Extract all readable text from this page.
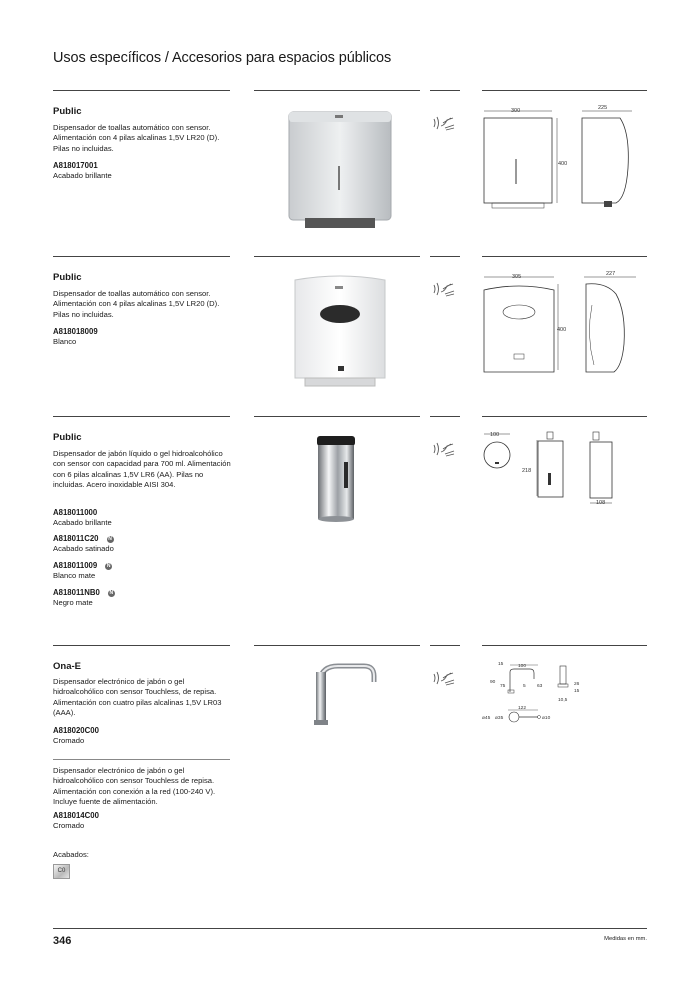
Usos específicos / Accesorios para espacios públicos
Public
Dispensador de toallas automático con sensor. Alimentación con 4 pilas alcalinas 1,5V LR20 (D). Pilas no incluidas.
A818017001
Acabado brillante
300
400
225
Public
Dispensador de toallas automático con sensor. Alimentación con 4 pilas alcalinas 1,5V LR20 (D). Pilas no incluidas.
A818018009
Blanco
305
400
227
Public
Dispensador de jabón líquido o gel hidroalcohólico con sensor con capacidad para 700 ml. Alimentación con 6 pilas alcalinas 1,5V LR6 (AA). Pilas no incluidas. Acero inoxidable AISI 304.
A818011000
Acabado brillante
A818011C20 N
Acabado satinado
A818011009 N
Blanco mate
A818011NB0 N
Negro mate
100
218
108
Ona-E
Dispensador electrónico de jabón o gel hidroalcohólico con sensor Touchless, de repisa. Alimentación con cuatro pilas alcalinas 1,5V LR03 (AAA).
A818020C00
Cromado
Dispensador electrónico de jabón o gel hidroalcohólico con sensor Touchless de repisa. Alimentación con conexión a la red (100-240 V). Incluye fuente de alimentación.
A818014C00
Cromado
15	100
90
75	5 63	26
15
10,5
122
ø45 ø35	ø10
Acabados:
C0
346	Medidas en mm.
